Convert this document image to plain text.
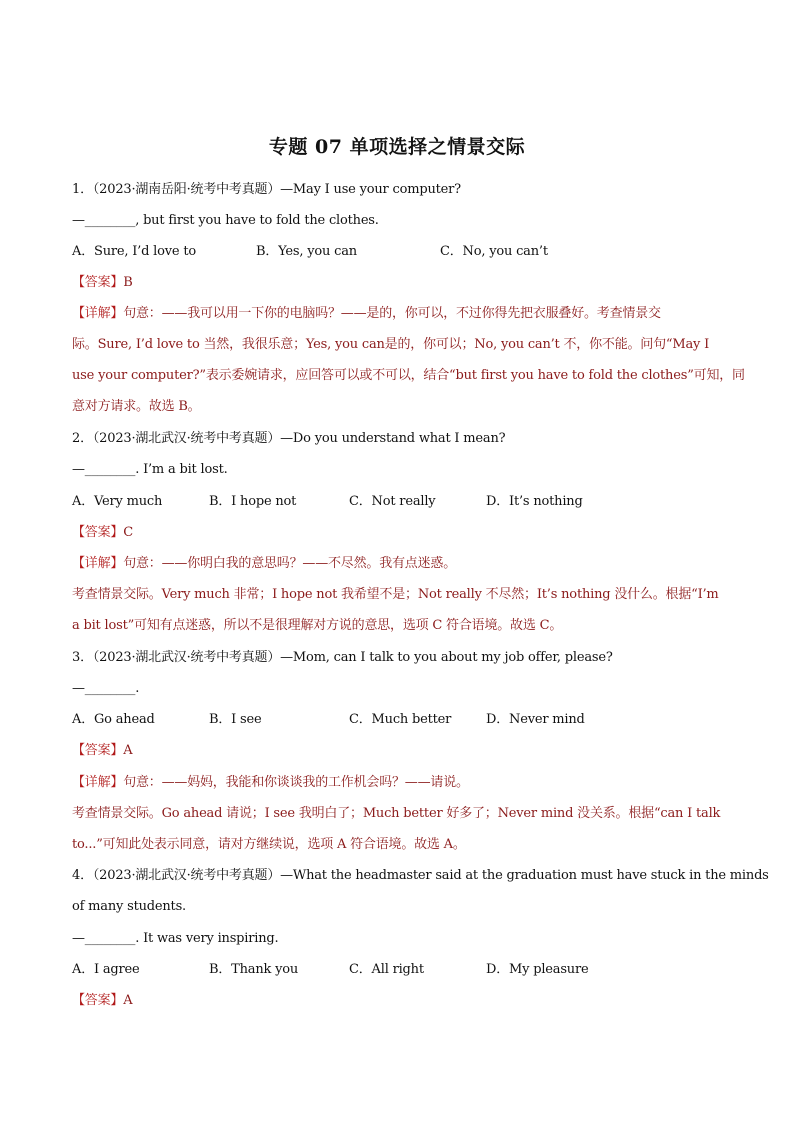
专题 07 单项选择之情景交际
1．（2023·湖南岳阳·统考中考真题）—May I use your computer?
—________, but first you have to fold the clothes.
A．Sure, I’d love to	B．Yes, you can	C．No, you can’t
【答案】B
【详解】句意：——我可以用一下你的电脑吗？——是的，你可以，不过你得先把衣服叠好。考查情景交
际。Sure, I’d love to 当然，我很乐意；Yes, you can是的，你可以；No, you can’t 不，你不能。问句“May I
use your computer?”表示委婉请求，应回答可以或不可以，结合“but first you have to fold the clothes”可知，同
意对方请求。故选 B。
2．（2023·湖北武汉·统考中考真题）—Do you understand what I mean?
—________. I’m a bit lost.
A．Very much	B．I hope not	C．Not really	D．It’s nothing
【答案】C
【详解】句意：——你明白我的意思吗？——不尽然。我有点迷惑。
考查情景交际。Very much 非常；I hope not 我希望不是；Not really 不尽然；It’s nothing 没什么。根据“I’m
a bit lost”可知有点迷惑，所以不是很理解对方说的意思，选项 C 符合语境。故选 C。
3．（2023·湖北武汉·统考中考真题）—Mom, can I talk to you about my job offer, please?
—________.
A．Go ahead	B．I see	C．Much better	D．Never mind
【答案】A
【详解】句意：——妈妈，我能和你谈谈我的工作机会吗？——请说。
考查情景交际。Go ahead 请说；I see 我明白了；Much better 好多了；Never mind 没关系。根据“can I talk
to...”可知此处表示同意，请对方继续说，选项 A 符合语境。故选 A。
4．（2023·湖北武汉·统考中考真题）—What the headmaster said at the graduation must have stuck in the minds
of many students.
—________. It was very inspiring.
A．I agree	B．Thank you	C．All right	D．My pleasure
【答案】A
